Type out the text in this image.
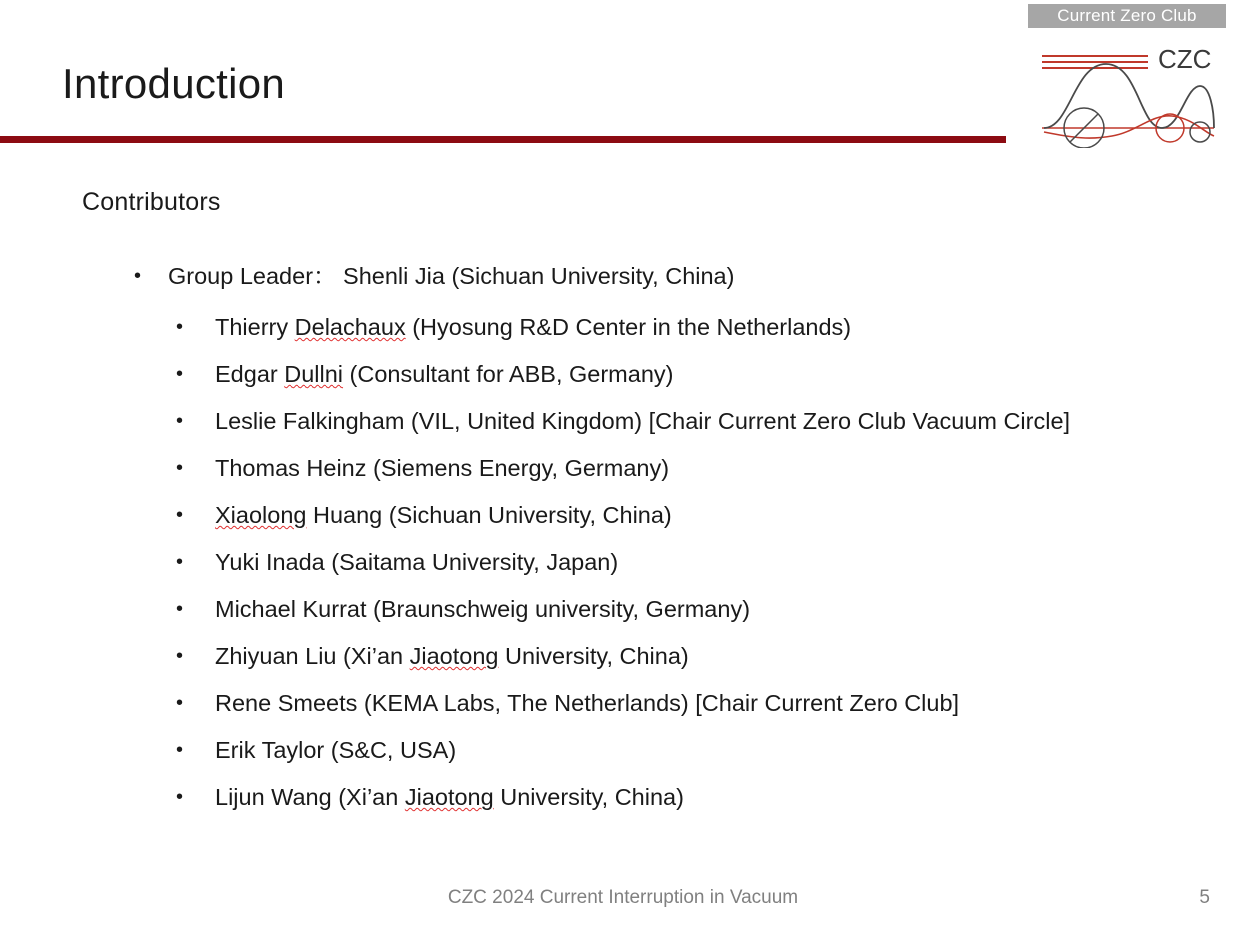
Current Zero Club
CZC
Introduction
Contributors
• Group Leader： Shenli Jia (Sichuan University, China)
• Thierry Delachaux (Hyosung R&D Center in the Netherlands)
• Edgar Dullni (Consultant for ABB, Germany)
• Leslie Falkingham (VIL, United Kingdom) [Chair Current Zero Club Vacuum Circle]
• Thomas Heinz (Siemens Energy, Germany)
• Xiaolong Huang (Sichuan University, China)
• Yuki Inada (Saitama University, Japan)
• Michael Kurrat (Braunschweig university, Germany)
• Zhiyuan Liu (Xi’an Jiaotong University, China)
• Rene Smeets (KEMA Labs, The Netherlands) [Chair Current Zero Club]
• Erik Taylor (S&C, USA)
• Lijun Wang (Xi’an Jiaotong University, China)
CZC 2024 Current Interruption in Vacuum	5
